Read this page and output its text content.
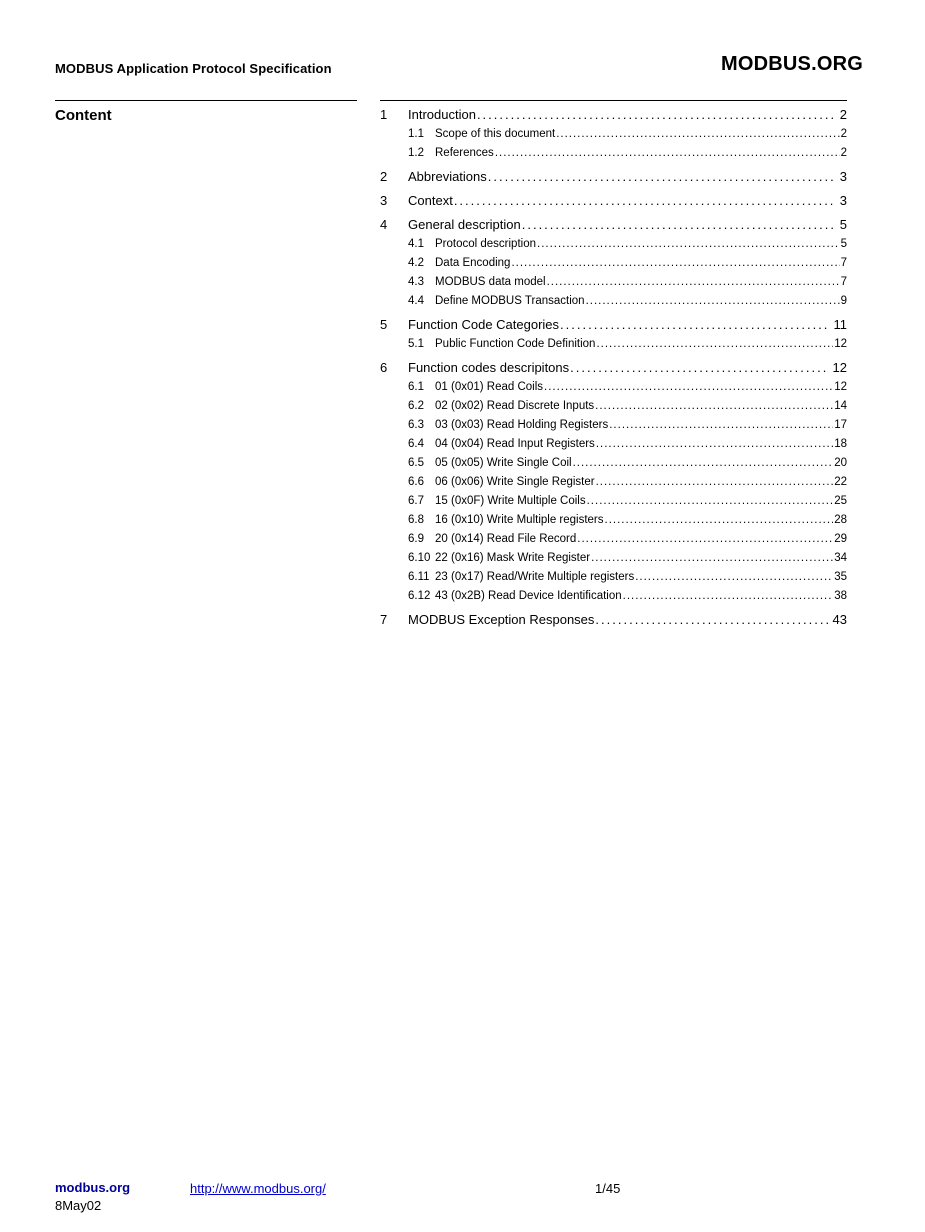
MODBUS Application Protocol Specification	MODBUS.ORG
Content	1	Introduction .....	2
1.1 Scope of this document .....	2
1.2 References .....	2
2	Abbreviations .....	3
3	Context .....	3
4	General description .....	5
4.1 Protocol description .....	5
4.2 Data Encoding .....	7
4.3 MODBUS data model .....	7
4.4 Define MODBUS Transaction .....	9
5	Function Code Categories .....	11
5.1 Public Function Code Definition .....	12
6	Function codes descripitons .....	12
6.1 01 (0x01) Read Coils .....	12
6.2 02 (0x02) Read Discrete Inputs .....	14
6.3 03 (0x03) Read Holding Registers .....	17
6.4 04 (0x04) Read Input Registers .....	18
6.5 05 (0x05) Write Single Coil .....	20
6.6 06 (0x06) Write Single Register .....	22
6.7 15 (0x0F) Write Multiple Coils .....	25
6.8 16 (0x10) Write Multiple registers .....	28
6.9 20 (0x14) Read File Record .....	29
6.10 22 (0x16) Mask Write Register .....	34
6.11 23 (0x17) Read/Write Multiple registers .....	35
6.12 43 (0x2B) Read Device Identification .....	38
7	MODBUS Exception Responses .....	43
modbus.org	http://www.modbus.org/	1/45
8May02
